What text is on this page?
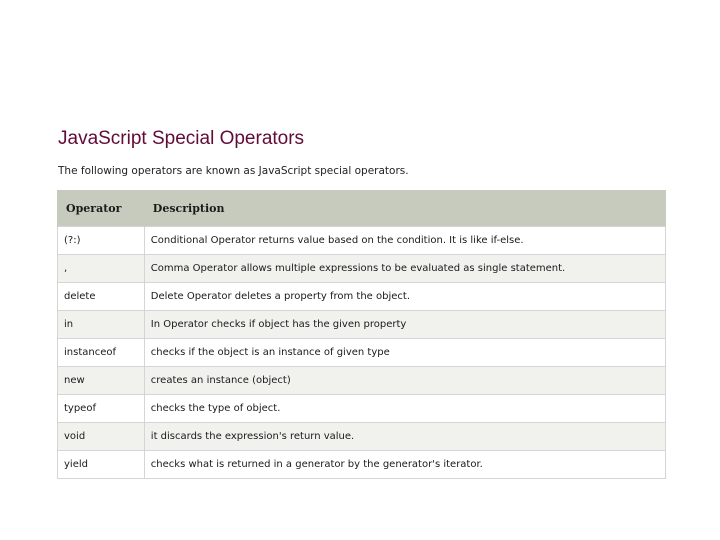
JavaScript Special Operators
The following operators are known as JavaScript special operators.
Operator	Description
(?:)	Conditional Operator returns value based on the condition. It is like if-else.
,	Comma Operator allows multiple expressions to be evaluated as single statement.
delete	Delete Operator deletes a property from the object.
in	In Operator checks if object has the given property
instanceof	checks if the object is an instance of given type
new	creates an instance (object)
typeof	checks the type of object.
void	it discards the expression's return value.
yield	checks what is returned in a generator by the generator's iterator.
